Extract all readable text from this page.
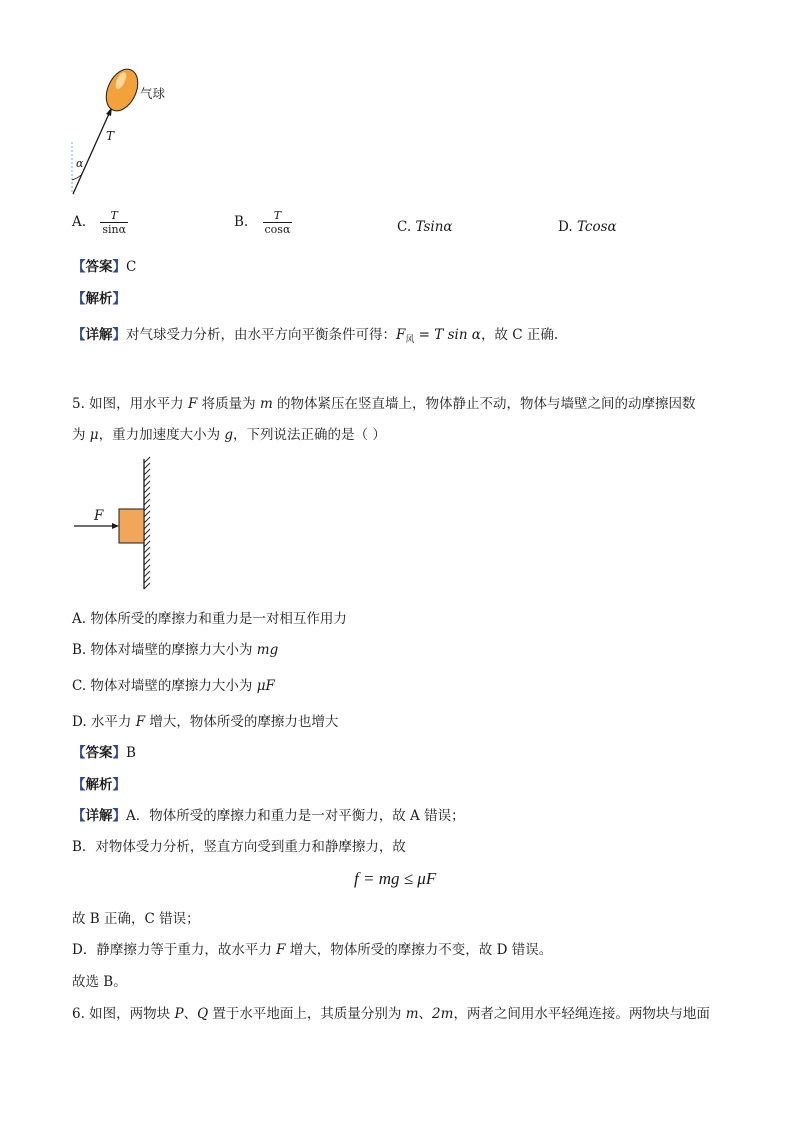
气球
T
α
A. $\frac{T}{\sin\alpha}$	B. $\frac{T}{\cos\alpha}$	C. Tsinα	D. Tcosα
【答案】C
【解析】
【详解】对气球受力分析，由水平方向平衡条件可得：$F_风 = T$ sin α，故 C 正确.
5. 如图，用水平力 F 将质量为 m 的物体紧压在竖直墙上，物体静止不动，物体与墙壁之间的动摩擦因数
为 μ，重力加速度大小为 g，下列说法正确的是（ ）
F
A. 物体所受的摩擦力和重力是一对相互作用力
B. 物体对墙壁的摩擦力大小为 mg
C. 物体对墙壁的摩擦力大小为 μF
D. 水平力 F 增大，物体所受的摩擦力也增大
【答案】B
【解析】
【详解】A．物体所受的摩擦力和重力是一对平衡力，故 A 错误；
B．对物体受力分析，竖直方向受到重力和静摩擦力，故
f = mg ≤ μF
故 B 正确，C 错误；
D．静摩擦力等于重力，故水平力 F 增大，物体所受的摩擦力不变，故 D 错误。
故选 B。
6. 如图，两物块 P、Q 置于水平地面上，其质量分别为 m、2m，两者之间用水平轻绳连接。两物块与地面
